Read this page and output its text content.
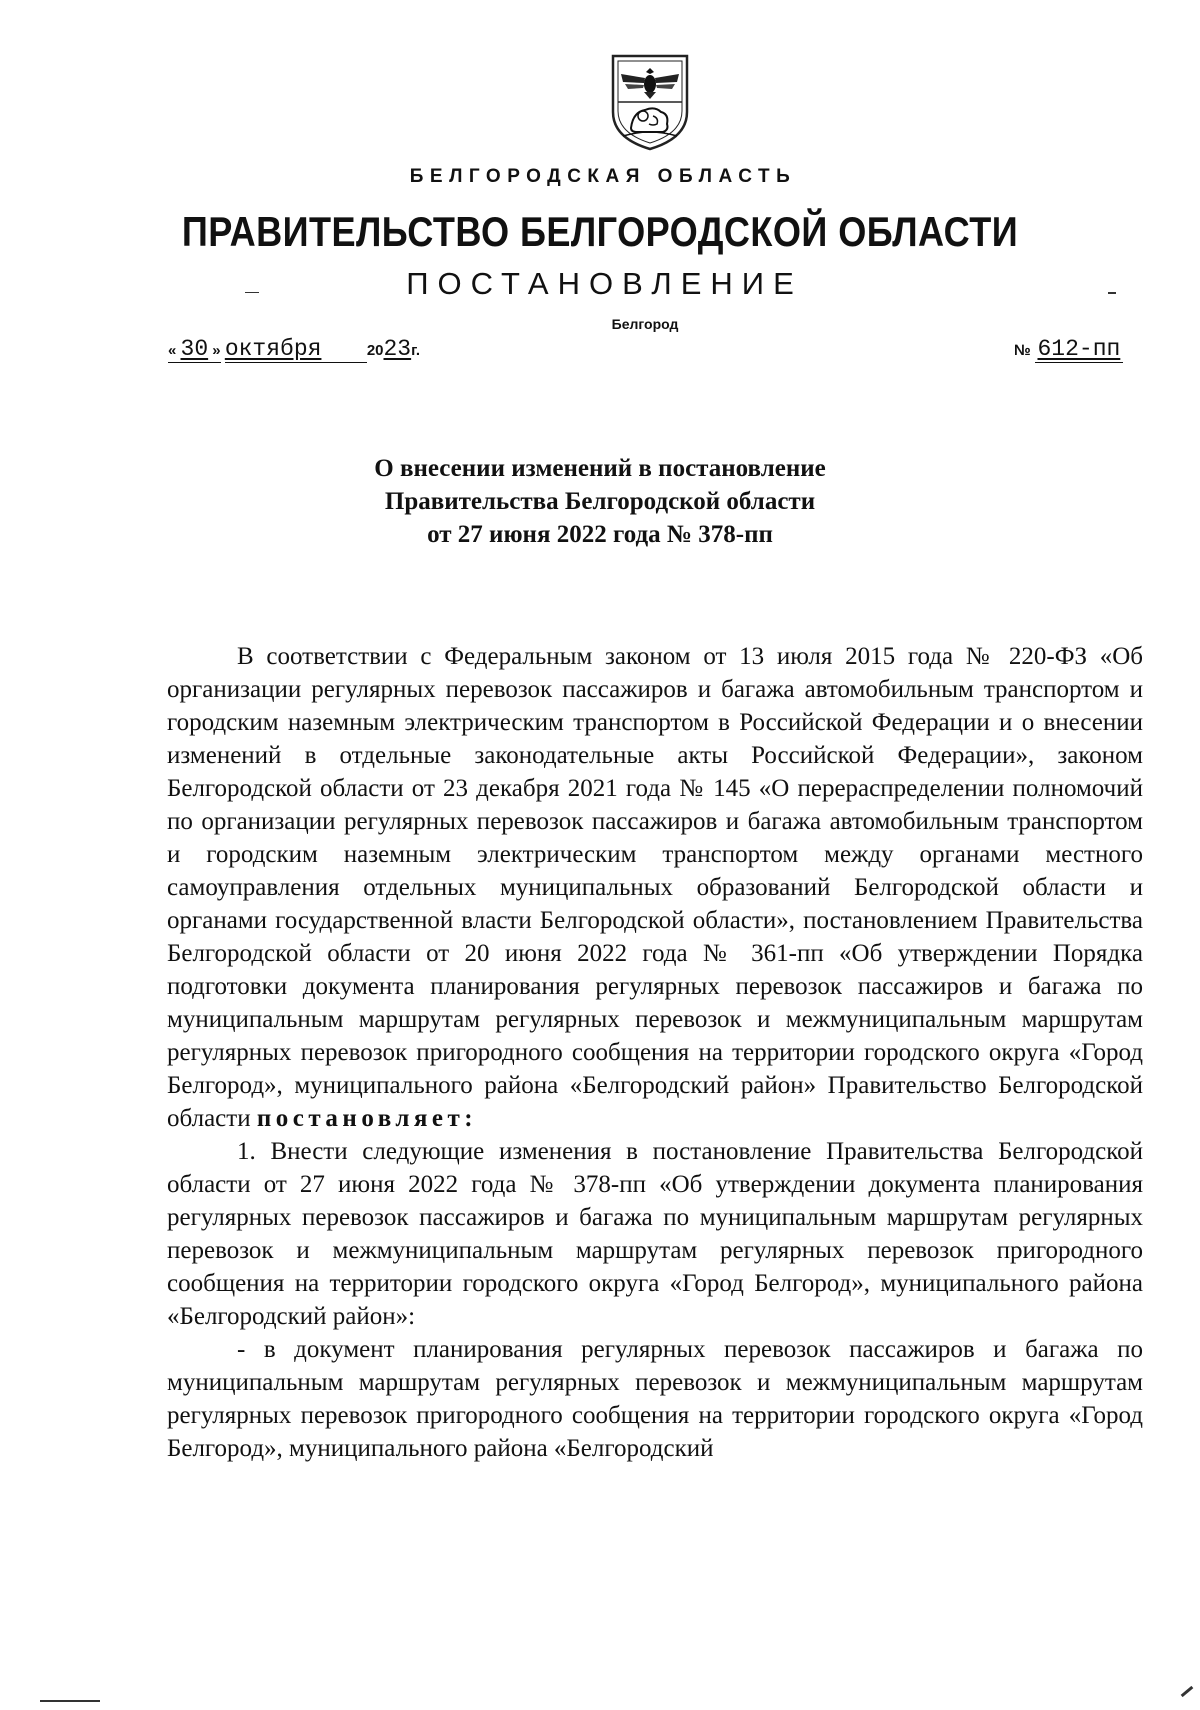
БЕЛГОРОДСКАЯ ОБЛАСТЬ
ПРАВИТЕЛЬСТВО БЕЛГОРОДСКОЙ ОБЛАСТИ
ПОСТАНОВЛЕНИЕ
Белгород
« 30 » октября	2023г.	№ 612-пп
О внесении изменений в постановление
Правительства Белгородской области
от 27 июня 2022 года № 378-пп

В соответствии с Федеральным законом от 13 июля 2015 года № 220-ФЗ «Об организации регулярных перевозок пассажиров и багажа автомобильным транспортом и городским наземным электрическим транспортом в Российской Федерации и о внесении изменений в отдельные законодательные акты Российской Федерации», законом Белгородской области от 23 декабря 2021 года № 145 «О перераспределении полномочий по организации регулярных перевозок пассажиров и багажа автомобильным транспортом и городским наземным электрическим транспортом между органами местного самоуправления отдельных муниципальных образований Белгородской области и органами государственной власти Белгородской области», постановлением Правительства Белгородской области от 20 июня 2022 года № 361-пп «Об утверждении Порядка подготовки документа планирования регулярных перевозок пассажиров и багажа по муниципальным маршрутам регулярных перевозок и межмуниципальным маршрутам регулярных перевозок пригородного сообщения на территории городского округа «Город Белгород», муниципального района «Белгородский район» Правительство Белгородской области постановляет:

1. Внести следующие изменения в постановление Правительства Белгородской области от 27 июня 2022 года № 378-пп «Об утверждении документа планирования регулярных перевозок пассажиров и багажа по муниципальным маршрутам регулярных перевозок и межмуниципальным маршрутам регулярных перевозок пригородного сообщения на территории городского округа «Город Белгород», муниципального района «Белгородский район»:

- в документ планирования регулярных перевозок пассажиров и багажа по муниципальным маршрутам регулярных перевозок и межмуниципальным маршрутам регулярных перевозок пригородного сообщения на территории городского округа «Город Белгород», муниципального района «Белгородский
